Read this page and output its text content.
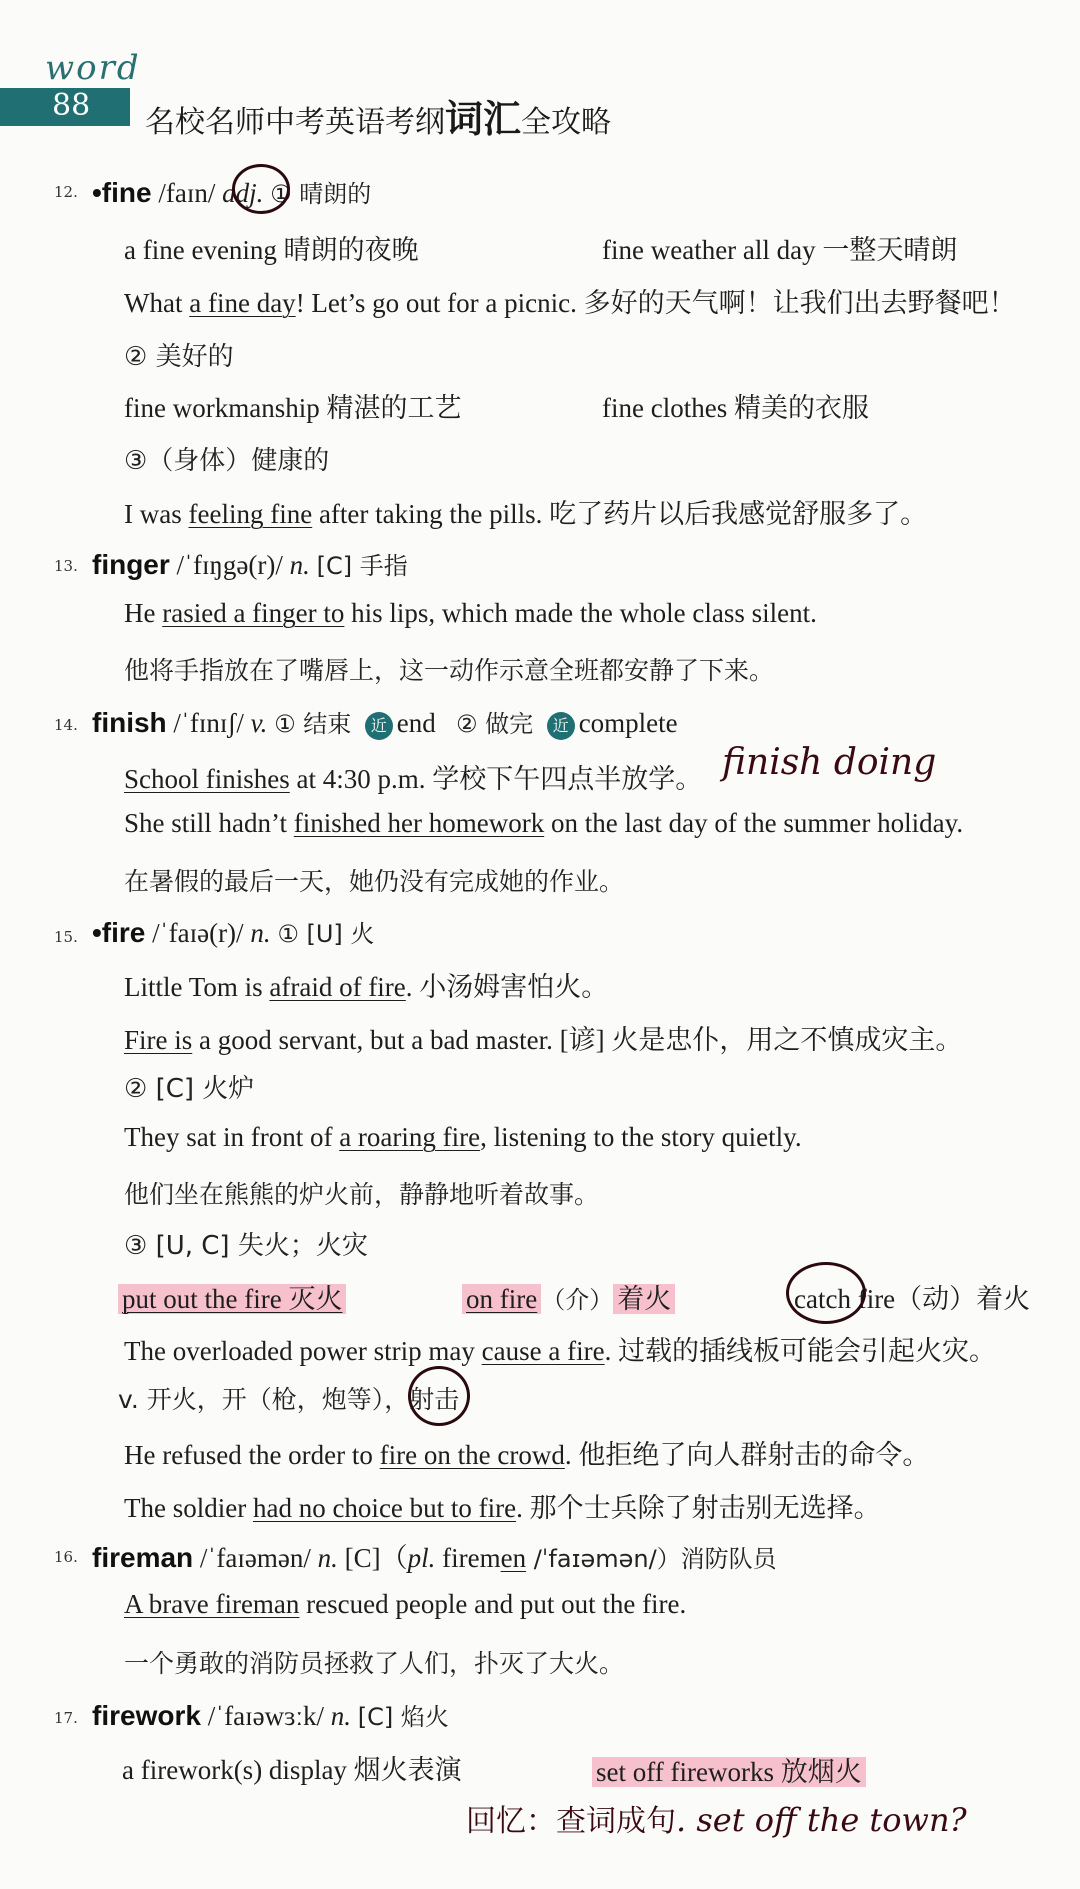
word
88 名校名师中考英语考纲词汇全攻略
12. •fine /faɪn/ adj. ① 晴朗的
a fine evening 晴朗的夜晚	fine weather all day 一整天晴朗
What a fine day! Let’s go out for a picnic. 多好的天气啊！让我们出去野餐吧！
② 美好的
fine workmanship 精湛的工艺	fine clothes 精美的衣服
③（身体）健康的
I was feeling fine after taking the pills. 吃了药片以后我感觉舒服多了。
13. finger /ˈfɪŋgə(r)/ n. [C] 手指
He rasied a finger to his lips, which made the whole class silent.
他将手指放在了嘴唇上，这一动作示意全班都安静了下来。
14. finish /ˈfɪnɪʃ/ v. ① 结束 近 end ② 做完 近 complete
School finishes at 4:30 p.m. 学校下午四点半放学。 finish doing
She still hadn’t finished her homework on the last day of the summer holiday.
在暑假的最后一天，她仍没有完成她的作业。
15. •fire /ˈfaɪə(r)/ n. ① [U] 火
Little Tom is afraid of fire. 小汤姆害怕火。
Fire is a good servant, but a bad master. [谚] 火是忠仆，用之不慎成灾主。
② [C] 火炉
They sat in front of a roaring fire, listening to the story quietly.
他们坐在熊熊的炉火前，静静地听着故事。
③ [U, C] 失火；火灾
put out the fire 灭火	on fire （介） 着火	catch fire（动）着火
The overloaded power strip may cause a fire. 过载的插线板可能会引起火灾。
v. 开火，开（枪，炮等），射击
He refused the order to fire on the crowd. 他拒绝了向人群射击的命令。
The soldier had no choice but to fire. 那个士兵除了射击别无选择。
16. fireman /ˈfaɪəmən/ n. [C]（pl. firemen /ˈfaɪəmən/）消防队员
A brave fireman rescued people and put out the fire.
一个勇敢的消防员拯救了人们，扑灭了大火。
17. firework /ˈfaɪəwɜːk/ n. [C] 焰火
a firework(s) display 烟火表演	set off fireworks 放烟火
回忆：查词成句. set off the town?
